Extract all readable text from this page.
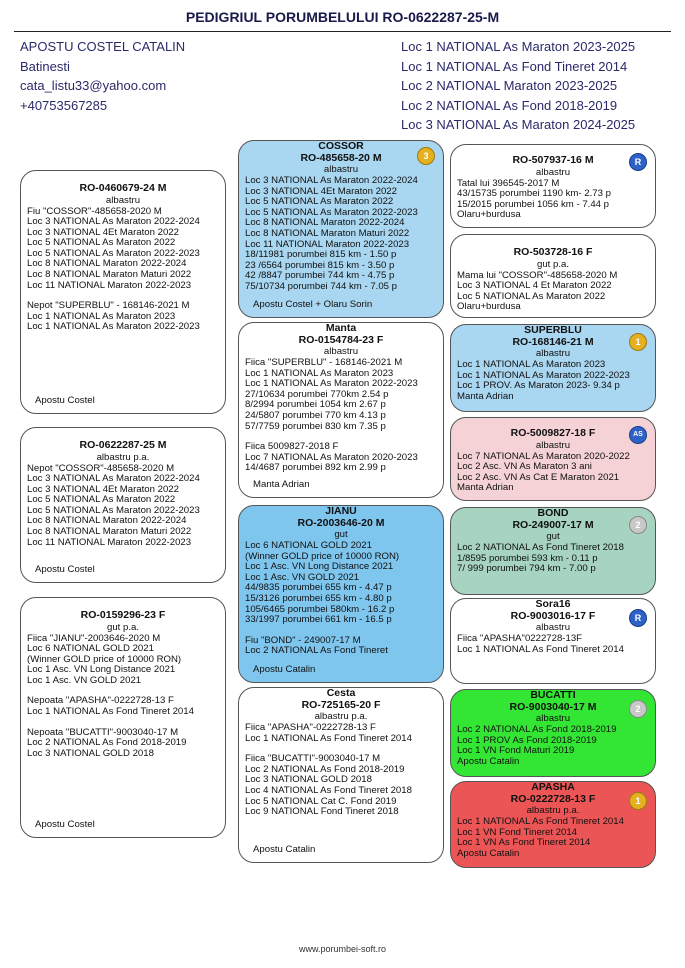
PEDIGRIUL PORUMBELULUI RO-0622287-25-M
APOSTU COSTEL CATALIN
Batinesti
cata_listu33@yahoo.com
+40753567285
Loc 1 NATIONAL As Maraton 2023-2025
Loc 1 NATIONAL As Fond Tineret 2014
Loc 2 NATIONAL Maraton 2023-2025
Loc 2 NATIONAL As Fond 2018-2019
Loc 3 NATIONAL As Maraton 2024-2025
RO-0460679-24 M
albastru
Fiu "COSSOR"-485658-2020 M
Loc 3 NATIONAL As Maraton 2022-2024
Loc 3 NATIONAL 4Et Maraton 2022
Loc 5 NATIONAL As Maraton 2022
Loc 5 NATIONAL As Maraton 2022-2023
Loc 8 NATIONAL Maraton 2022-2024
Loc 8 NATIONAL Maraton Maturi 2022
Loc 11 NATIONAL Maraton 2022-2023
Nepot "SUPERBLU" - 168146-2021 M
Loc 1 NATIONAL As Maraton 2023
Loc 1 NATIONAL As Maraton 2022-2023
Apostu Costel
RO-0622287-25 M
albastru p.a.
Nepot "COSSOR"-485658-2020 M
Loc 3 NATIONAL As Maraton 2022-2024
Loc 3 NATIONAL 4Et Maraton 2022
Loc 5 NATIONAL As Maraton 2022
Loc 5 NATIONAL As Maraton 2022-2023
Loc 8 NATIONAL Maraton 2022-2024
Loc 8 NATIONAL Maraton Maturi 2022
Loc 11 NATIONAL Maraton 2022-2023
Apostu Costel
RO-0159296-23 F
gut p.a.
Fiica "JIANU"-2003646-2020 M
Loc 6 NATIONAL GOLD 2021
(Winner GOLD price of 10000 RON)
Loc 1 Asc. VN Long Distance 2021
Loc 1 Asc. VN GOLD 2021
Nepoata "APASHA"-0222728-13 F
Loc 1 NATIONAL As Fond Tineret 2014
Nepoata "BUCATTI"-9003040-17 M
Loc 2 NATIONAL As Fond 2018-2019
Loc 3 NATIONAL GOLD 2018
Apostu Costel
COSSOR
RO-485658-20 M
albastru
Loc 3 NATIONAL As Maraton 2022-2024
Loc 3 NATIONAL 4Et Maraton 2022
Loc 5 NATIONAL As Maraton 2022
Loc 5 NATIONAL As Maraton 2022-2023
Loc 8 NATIONAL Maraton 2022-2024
Loc 8 NATIONAL Maraton Maturi 2022
Loc 11 NATIONAL Maraton 2022-2023
18/11981 porumbei 815 km - 1.50 p
23 /6564 porumbei 815 km - 3.50 p
42 /8847 porumbei 744 km - 4.75 p
75/10734 porumbei 744 km - 7.05 p
Apostu Costel + Olaru Sorin
3
Manta
RO-0154784-23 F
albastru
Fiica "SUPERBLU" - 168146-2021 M
Loc 1 NATIONAL As Maraton 2023
Loc 1 NATIONAL As Maraton 2022-2023
27/10634 porumbei 770km 2.54 p
8/2994 porumbei 1054 km 2.67 p
24/5807 porumbei 770 km 4.13 p
57/7759 porumbei 830 km 7.35 p
Fiica 5009827-2018 F
Loc 7 NATIONAL As Maraton 2020-2023
14/4687 porumbei 892 km 2.99 p
Manta Adrian
JIANU
RO-2003646-20 M
gut
Loc 6 NATIONAL GOLD 2021
(Winner GOLD price of 10000 RON)
Loc 1 Asc. VN Long Distance 2021
Loc 1 Asc. VN GOLD 2021
44/9835 porumbei 655 km - 4.47 p
15/3126 porumbei 655 km - 4.80 p
105/6465 porumbei 580km - 16.2 p
33/1997 porumbei 661 km - 16.5 p
Fiu "BOND" - 249007-17 M
Loc 2 NATIONAL As Fond Tineret
Apostu Catalin
Cesta
RO-725165-20 F
albastru p.a.
Fiica "APASHA"-0222728-13 F
Loc 1 NATIONAL As Fond Tineret 2014
Fiica "BUCATTI"-9003040-17 M
Loc 2 NATIONAL As Fond 2018-2019
Loc 3 NATIONAL GOLD 2018
Loc 4 NATIONAL As Fond Tineret 2018
Loc 5 NATIONAL Cat C. Fond 2019
Loc 9 NATIONAL Fond Tineret 2018
Apostu Catalin
RO-507937-16 M
albastru
Tatal lui 396545-2017 M
43/15735 porumbei 1190 km- 2.73 p
15/2015 porumbei 1056 km - 7.44 p
Olaru+burdusa
R
RO-503728-16 F
gut p.a.
Mama lui "COSSOR"-485658-2020 M
Loc 3 NATIONAL 4 Et Maraton 2022
Loc 5 NATIONAL As Maraton 2022
Olaru+burdusa
SUPERBLU
RO-168146-21 M
albastru
Loc 1 NATIONAL As Maraton 2023
Loc 1 NATIONAL As Maraton 2022-2023
Loc 1 PROV. As Maraton 2023- 9.34 p
Manta Adrian
1
RO-5009827-18 F
albastru
Loc 7 NATIONAL As Maraton 2020-2022
Loc 2 Asc. VN As Maraton 3 ani
Loc 2 Asc. VN As Cat E Maraton 2021
Manta Adrian
AS
BOND
RO-249007-17 M
gut
Loc 2 NATIONAL As Fond Tineret 2018
1/8595 porumbei 593 km - 0.11 p
7/ 999 porumbei 794 km - 7.00 p
2
Sora16
RO-9003016-17 F
albastru
Fiica "APASHA"0222728-13F
Loc 1 NATIONAL As Fond Tineret 2014
R
BUCATTI
RO-9003040-17 M
albastru
Loc 2 NATIONAL As Fond 2018-2019
Loc 1 PROV As Fond 2018-2019
Loc 1 VN Fond Maturi 2019
Apostu Catalin
2
APASHA
RO-0222728-13 F
albastru p.a.
Loc 1 NATIONAL As Fond Tineret 2014
Loc 1 VN Fond Tineret 2014
Loc 1 VN As Fond Tineret 2014
Apostu Catalin
1
www.porumbei-soft.ro
